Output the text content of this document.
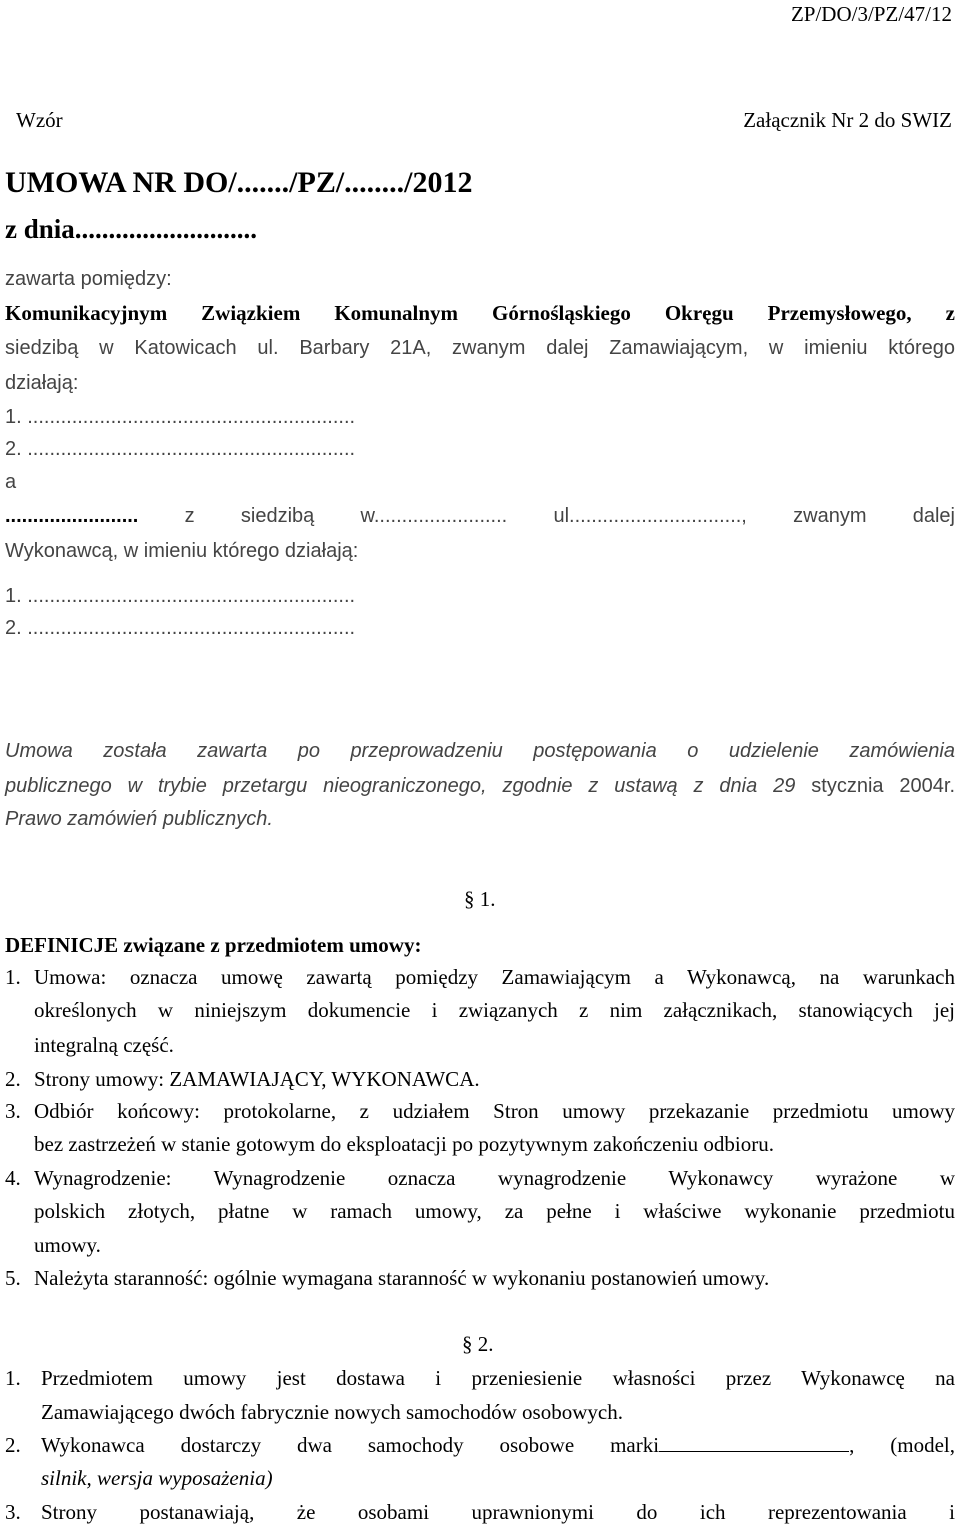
ZP/DO/3/PZ/47/12
Wzór	Załącznik Nr 2 do SWIZ
UMOWA NR DO/......./PZ/......../2012
z dnia...........................
zawarta pomiędzy:
Komunikacyjnym Związkiem Komunalnym Górnośląskiego Okręgu Przemysłowego, z
siedzibą w Katowicach ul. Barbary 21A, zwanym dalej Zamawiającym, w imieniu którego
działają:
1. ...........................................................
2. ...........................................................
a
........................ z siedzibą w........................ ul..............................., zwanym dalej
Wykonawcą, w imieniu którego działają:
1. ...........................................................
2. ...........................................................
Umowa została zawarta po przeprowadzeniu postępowania o udzielenie zamówienia
publicznego w trybie przetargu nieograniczonego, zgodnie z ustawą z dnia 29 stycznia 2004r.
Prawo zamówień publicznych.
§ 1.
DEFINICJE związane z przedmiotem umowy:
1. Umowa: oznacza umowę zawartą pomiędzy Zamawiającym a Wykonawcą, na warunkach
określonych w niniejszym dokumencie i związanych z nim załącznikach, stanowiących jej
integralną część.
2. Strony umowy: ZAMAWIAJĄCY, WYKONAWCA.
3. Odbiór końcowy: protokolarne, z udziałem Stron umowy przekazanie przedmiotu umowy
bez zastrzeżeń w stanie gotowym do eksploatacji po pozytywnym zakończeniu odbioru.
4. Wynagrodzenie: Wynagrodzenie oznacza wynagrodzenie Wykonawcy wyrażone w
polskich złotych, płatne w ramach umowy, za pełne i właściwe wykonanie przedmiotu
umowy.
5. Należyta staranność: ogólnie wymagana staranność w wykonaniu postanowień umowy.
§ 2.
1. Przedmiotem umowy jest dostawa i przeniesienie własności przez Wykonawcę na
Zamawiającego dwóch fabrycznie nowych samochodów osobowych.
2. Wykonawca dostarczy dwa samochody osobowe marki	, (model,
silnik, wersja wyposażenia)
3. Strony postanawiają, że osobami uprawnionymi do ich reprezentowania i
